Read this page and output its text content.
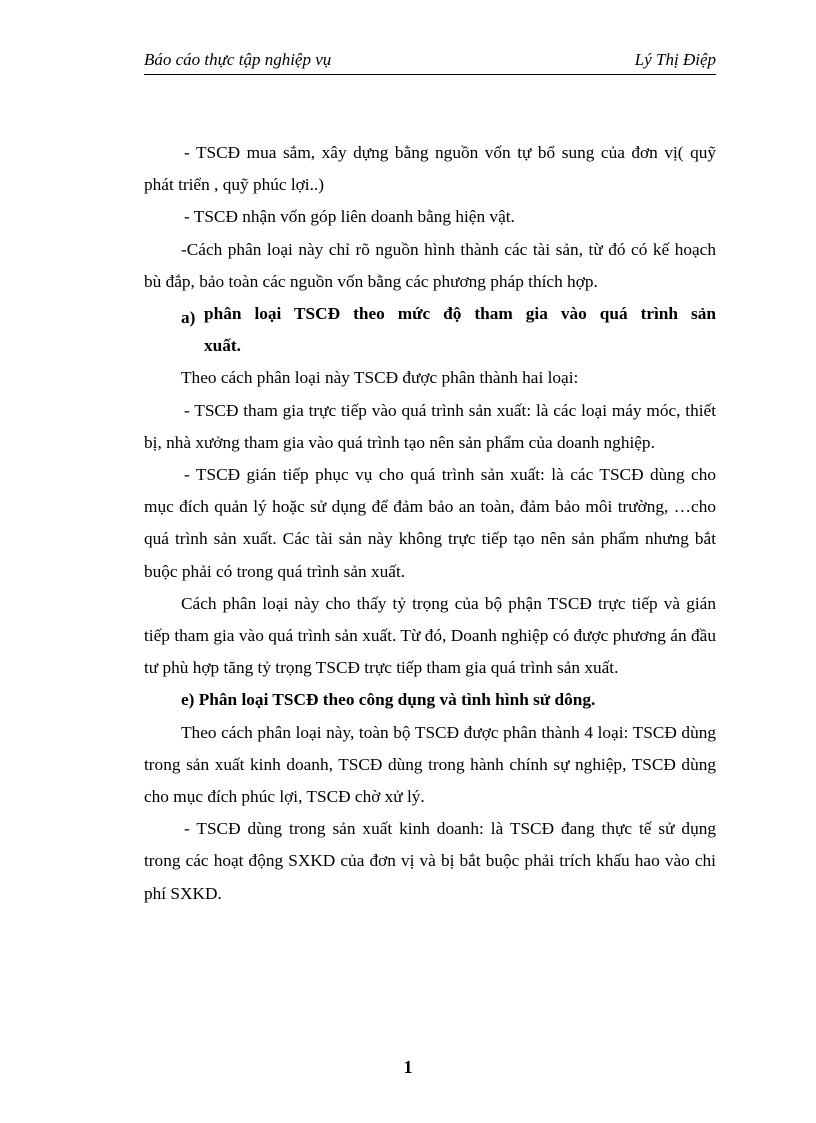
Báo cáo thực tập nghiệp vụ	Lý Thị Điệp

- TSCĐ mua sắm, xây dựng bằng nguồn vốn tự bổ sung của đơn vị( quỹ phát triển , quỹ phúc lợi..)

- TSCĐ nhận vốn góp liên doanh bằng hiện vật.

-Cách phân loại này chỉ rõ nguồn hình thành các tài sản, từ đó có kế hoạch bù đắp, bảo toàn các nguồn vốn bằng các phương pháp thích hợp.

a) phân loại TSCĐ theo mức độ tham gia vào quá trình sản
xuất.

Theo cách phân loại này TSCĐ được phân thành hai loại:

- TSCĐ tham gia trực tiếp vào quá trình sản xuất: là các loại máy móc, thiết bị, nhà xưởng tham gia vào quá trình tạo nên sản phẩm của doanh nghiệp.

- TSCĐ gián tiếp phục vụ cho quá trình sản xuất: là các TSCĐ dùng cho mục đích quản lý hoặc sử dụng để đảm bảo an toàn, đảm bảo môi trường, …cho quá trình sản xuất. Các tài sản này không trực tiếp tạo nên sản phẩm nhưng bắt buộc phải có trong quá trình sản xuất.

Cách phân loại này cho thấy tỷ trọng của bộ phận TSCĐ trực tiếp và gián tiếp tham gia vào quá trình sản xuất. Từ đó, Doanh nghiệp có được phương án đầu tư phù hợp tăng tỷ trọng TSCĐ trực tiếp tham gia quá trình sản xuất.

e) Phân loại TSCĐ theo công dụng và tình hình sử dông.

Theo cách phân loại này, toàn bộ TSCĐ được phân thành 4 loại: TSCĐ dùng trong sản xuất kinh doanh, TSCĐ dùng trong hành chính sự nghiệp, TSCĐ dùng cho mục đích phúc lợi, TSCĐ chờ xử lý.

- TSCĐ dùng trong sản xuất kinh doanh: là TSCĐ đang thực tế sử dụng trong các hoạt động SXKD của đơn vị và bị bắt buộc phải trích khấu hao vào chi phí SXKD.

1
